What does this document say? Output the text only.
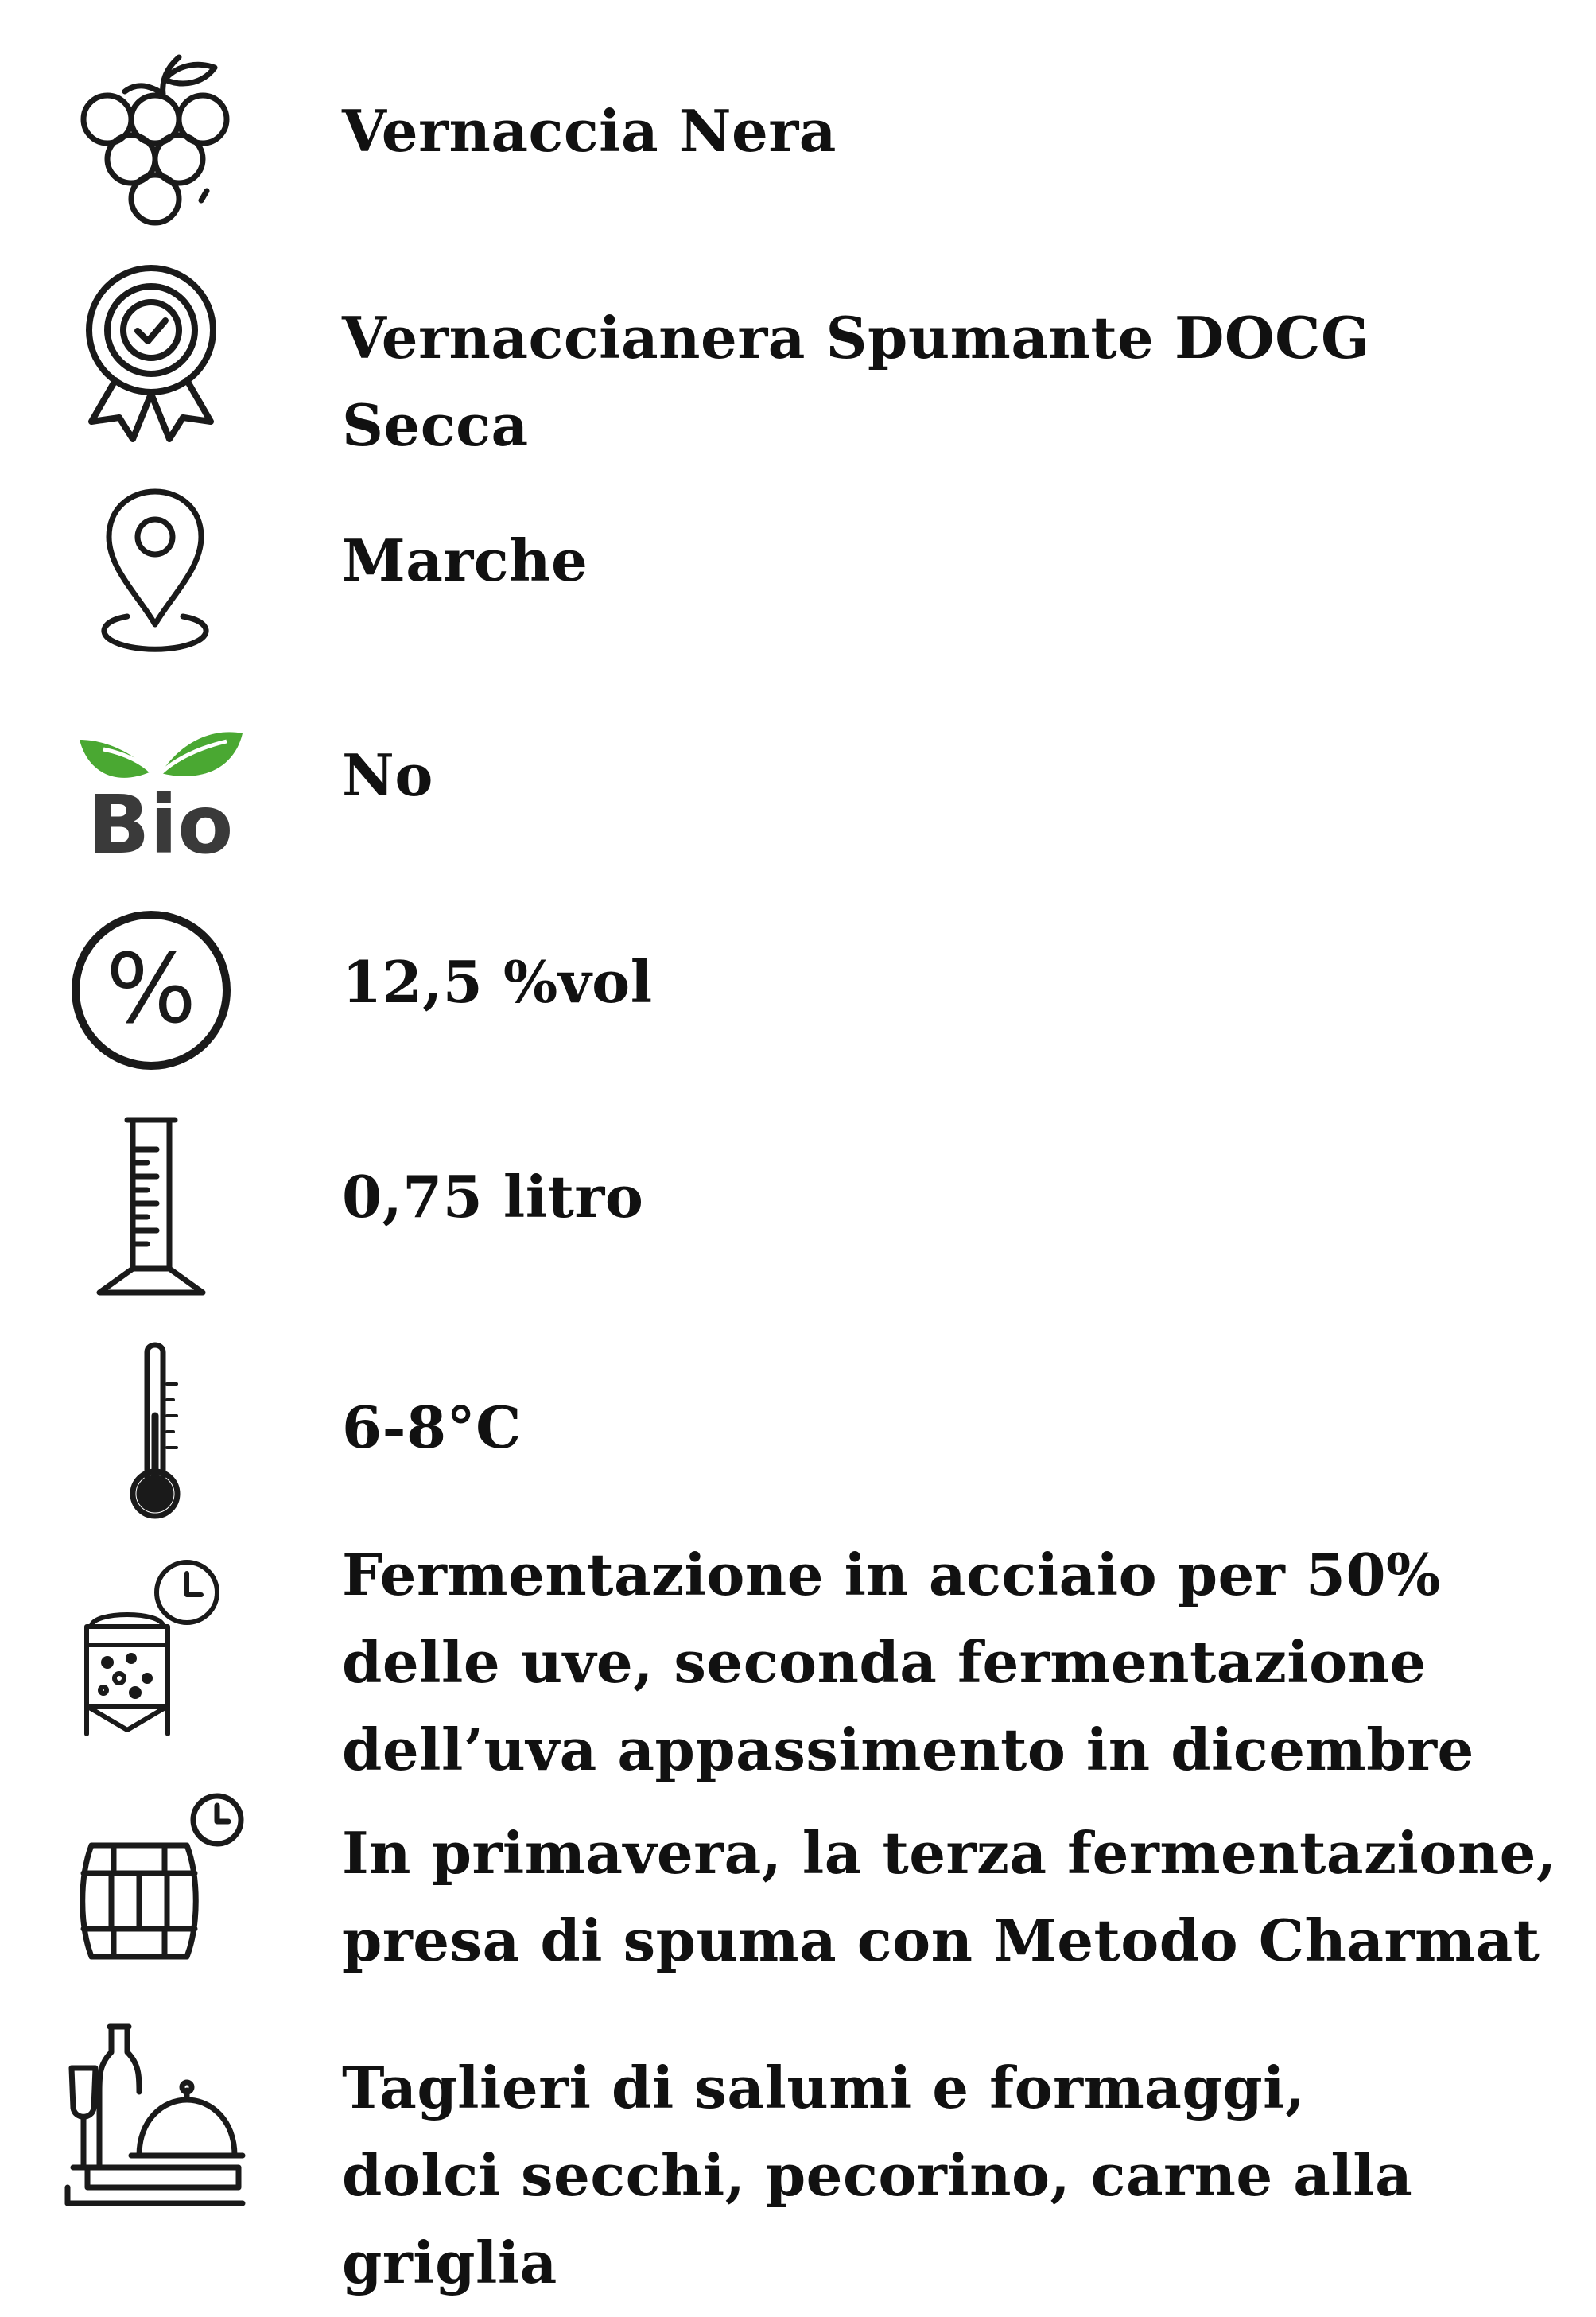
Vernaccia Nera
Vernaccianera Spumante DOCG Secca
Marche
Bio
No
%	12,5 %vol
0,75 litro
6-8°C
Fermentazione in acciaio per 50% delle uve, seconda fermentazione dell’uva appassimento in dicembre
In primavera, la terza fermentazione, presa di spuma con Metodo Charmat
Taglieri di salumi e formaggi, dolci secchi, pecorino, carne alla griglia
